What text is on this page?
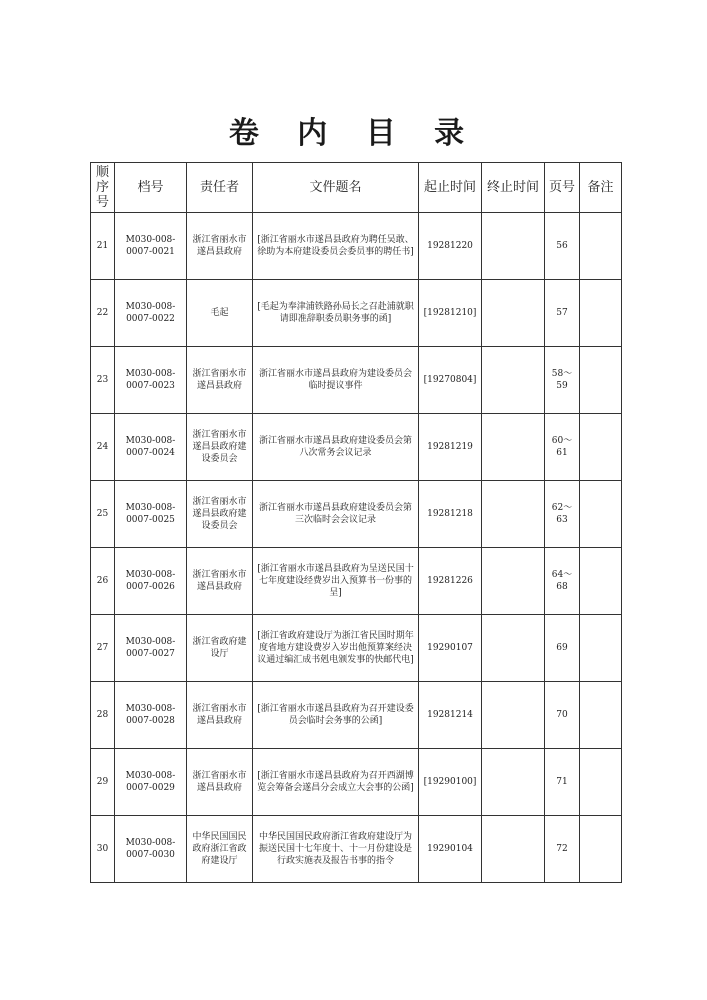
卷 内 目 录
顺序号	档号	责任者	文件题名	起止时间	终止时间	页号	备注
21	M030-008-0007-0021	浙江省丽水市遂昌县政府	[浙江省丽水市遂昌县政府为聘任吴敢、徐助为本府建设委员会委员事的聘任书]	19281220		56	
22	M030-008-0007-0022	毛起	[毛起为奉津浦铁路孙局长之召赴浦就职请即准辞职委员职务事的函]	[19281210]		57	
23	M030-008-0007-0023	浙江省丽水市遂昌县政府	浙江省丽水市遂昌县政府为建设委员会临时提议事件	[19270804]		58～59	
24	M030-008-0007-0024	浙江省丽水市遂昌县政府建设委员会	浙江省丽水市遂昌县政府建设委员会第八次常务会议记录	19281219		60～61	
25	M030-008-0007-0025	浙江省丽水市遂昌县政府建设委员会	浙江省丽水市遂昌县政府建设委员会第三次临时会会议记录	19281218		62～63	
26	M030-008-0007-0026	浙江省丽水市遂昌县政府	[浙江省丽水市遂昌县政府为呈送民国十七年度建设经费岁出入预算书一份事的呈]	19281226		64～68	
27	M030-008-0007-0027	浙江省政府建设厅	[浙江省政府建设厅为浙江省民国时期年度省地方建设费岁入岁出他预算案经决议通过编汇成书剋电颁发事的快邮代电]	19290107		69	
28	M030-008-0007-0028	浙江省丽水市遂昌县政府	[浙江省丽水市遂昌县政府为召开建设委员会临时会务事的公函]	19281214		70	
29	M030-008-0007-0029	浙江省丽水市遂昌县政府	[浙江省丽水市遂昌县政府为召开西湖博览会筹备会遂昌分会成立大会事的公函]	[19290100]		71	
30	M030-008-0007-0030	中华民国国民政府浙江省政府建设厅	中华民国国民政府浙江省政府建设厅为振送民国十七年度十、十一月份建设是行政实施表及报告书事的指令	19290104		72	
